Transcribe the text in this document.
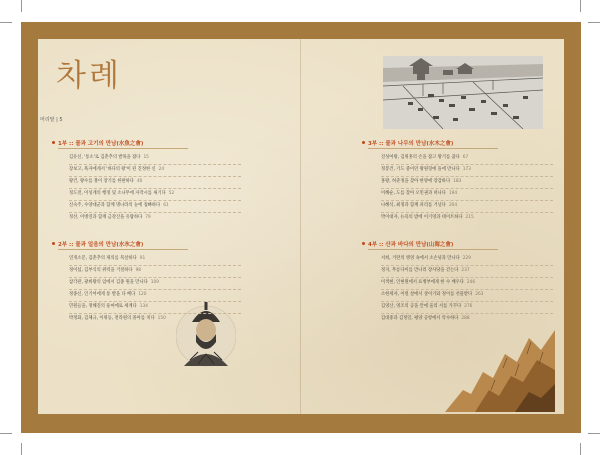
차례
머리말 | 5
1부 :: 물과 고기의 만남(水魚之會)
김유신, '통소'로 김춘추의 발목을 잡다 15
장보고, 흑자에게서 '바다의 왕'이 된 진정한 신 24
왕건, 왕수를 볼이 장기를 한판하다 40
정도전, 이성계의 행정 및 소나무에 자작시를 새기다 52
신숙주, 수양대군과 함께 명나라의 눈에 접빠하다 61
정선, 이병연과 함께 금강산을 유람하다 79
2부 :: 물과 얼음의 만남(水氷之會)
연개소문, 김춘추의 제의를 묵살하다 91
정이섭, 김부식의 위력을 거절하다 98
삼각관, 광희왕의 입에서 김종 원을 만나다 109
정종신, 인기어에게 통 발을 다 베다 120
민원들을, 정해진의 풍마에로 세계다 134
박정화, 김체규, 이위동, 전라원의 몰아를 치다 150
3부 :: 물과 나무의 만남(水木之會)
진성여왕, 김위홍의 손을 잡고 왕거를 꿈다 67
정봉건, 기도 중이던 왕원형에 돌에 만나다 173
홍왕, 허준정을 찾아 한양에 장감하다 183
이혜순, 도를 찾아 오민권과 떠나다 194
나혜석, 최정과 함께 파리를 거닐다 204
박이대자, 뉴욕의 밤에 이기영과 테이트하다 215
4부 :: 산과 바다의 만남(山海之會)
서희, 거란의 병영 속에서 소손녕과 만나다 229
정지, 무릉다이를 만나러 장사당을 걷는다 237
이색현, 인현원에서 표병부에게 한 수 배우다 246
소현세자, 이럴 살에서 상이기와 정이를 선물받다 263
김영산, 영조의 공을 안에 울리 서를 가꾸다 276
김대중과 김정일, 평양 공항에서 악수하다 288
